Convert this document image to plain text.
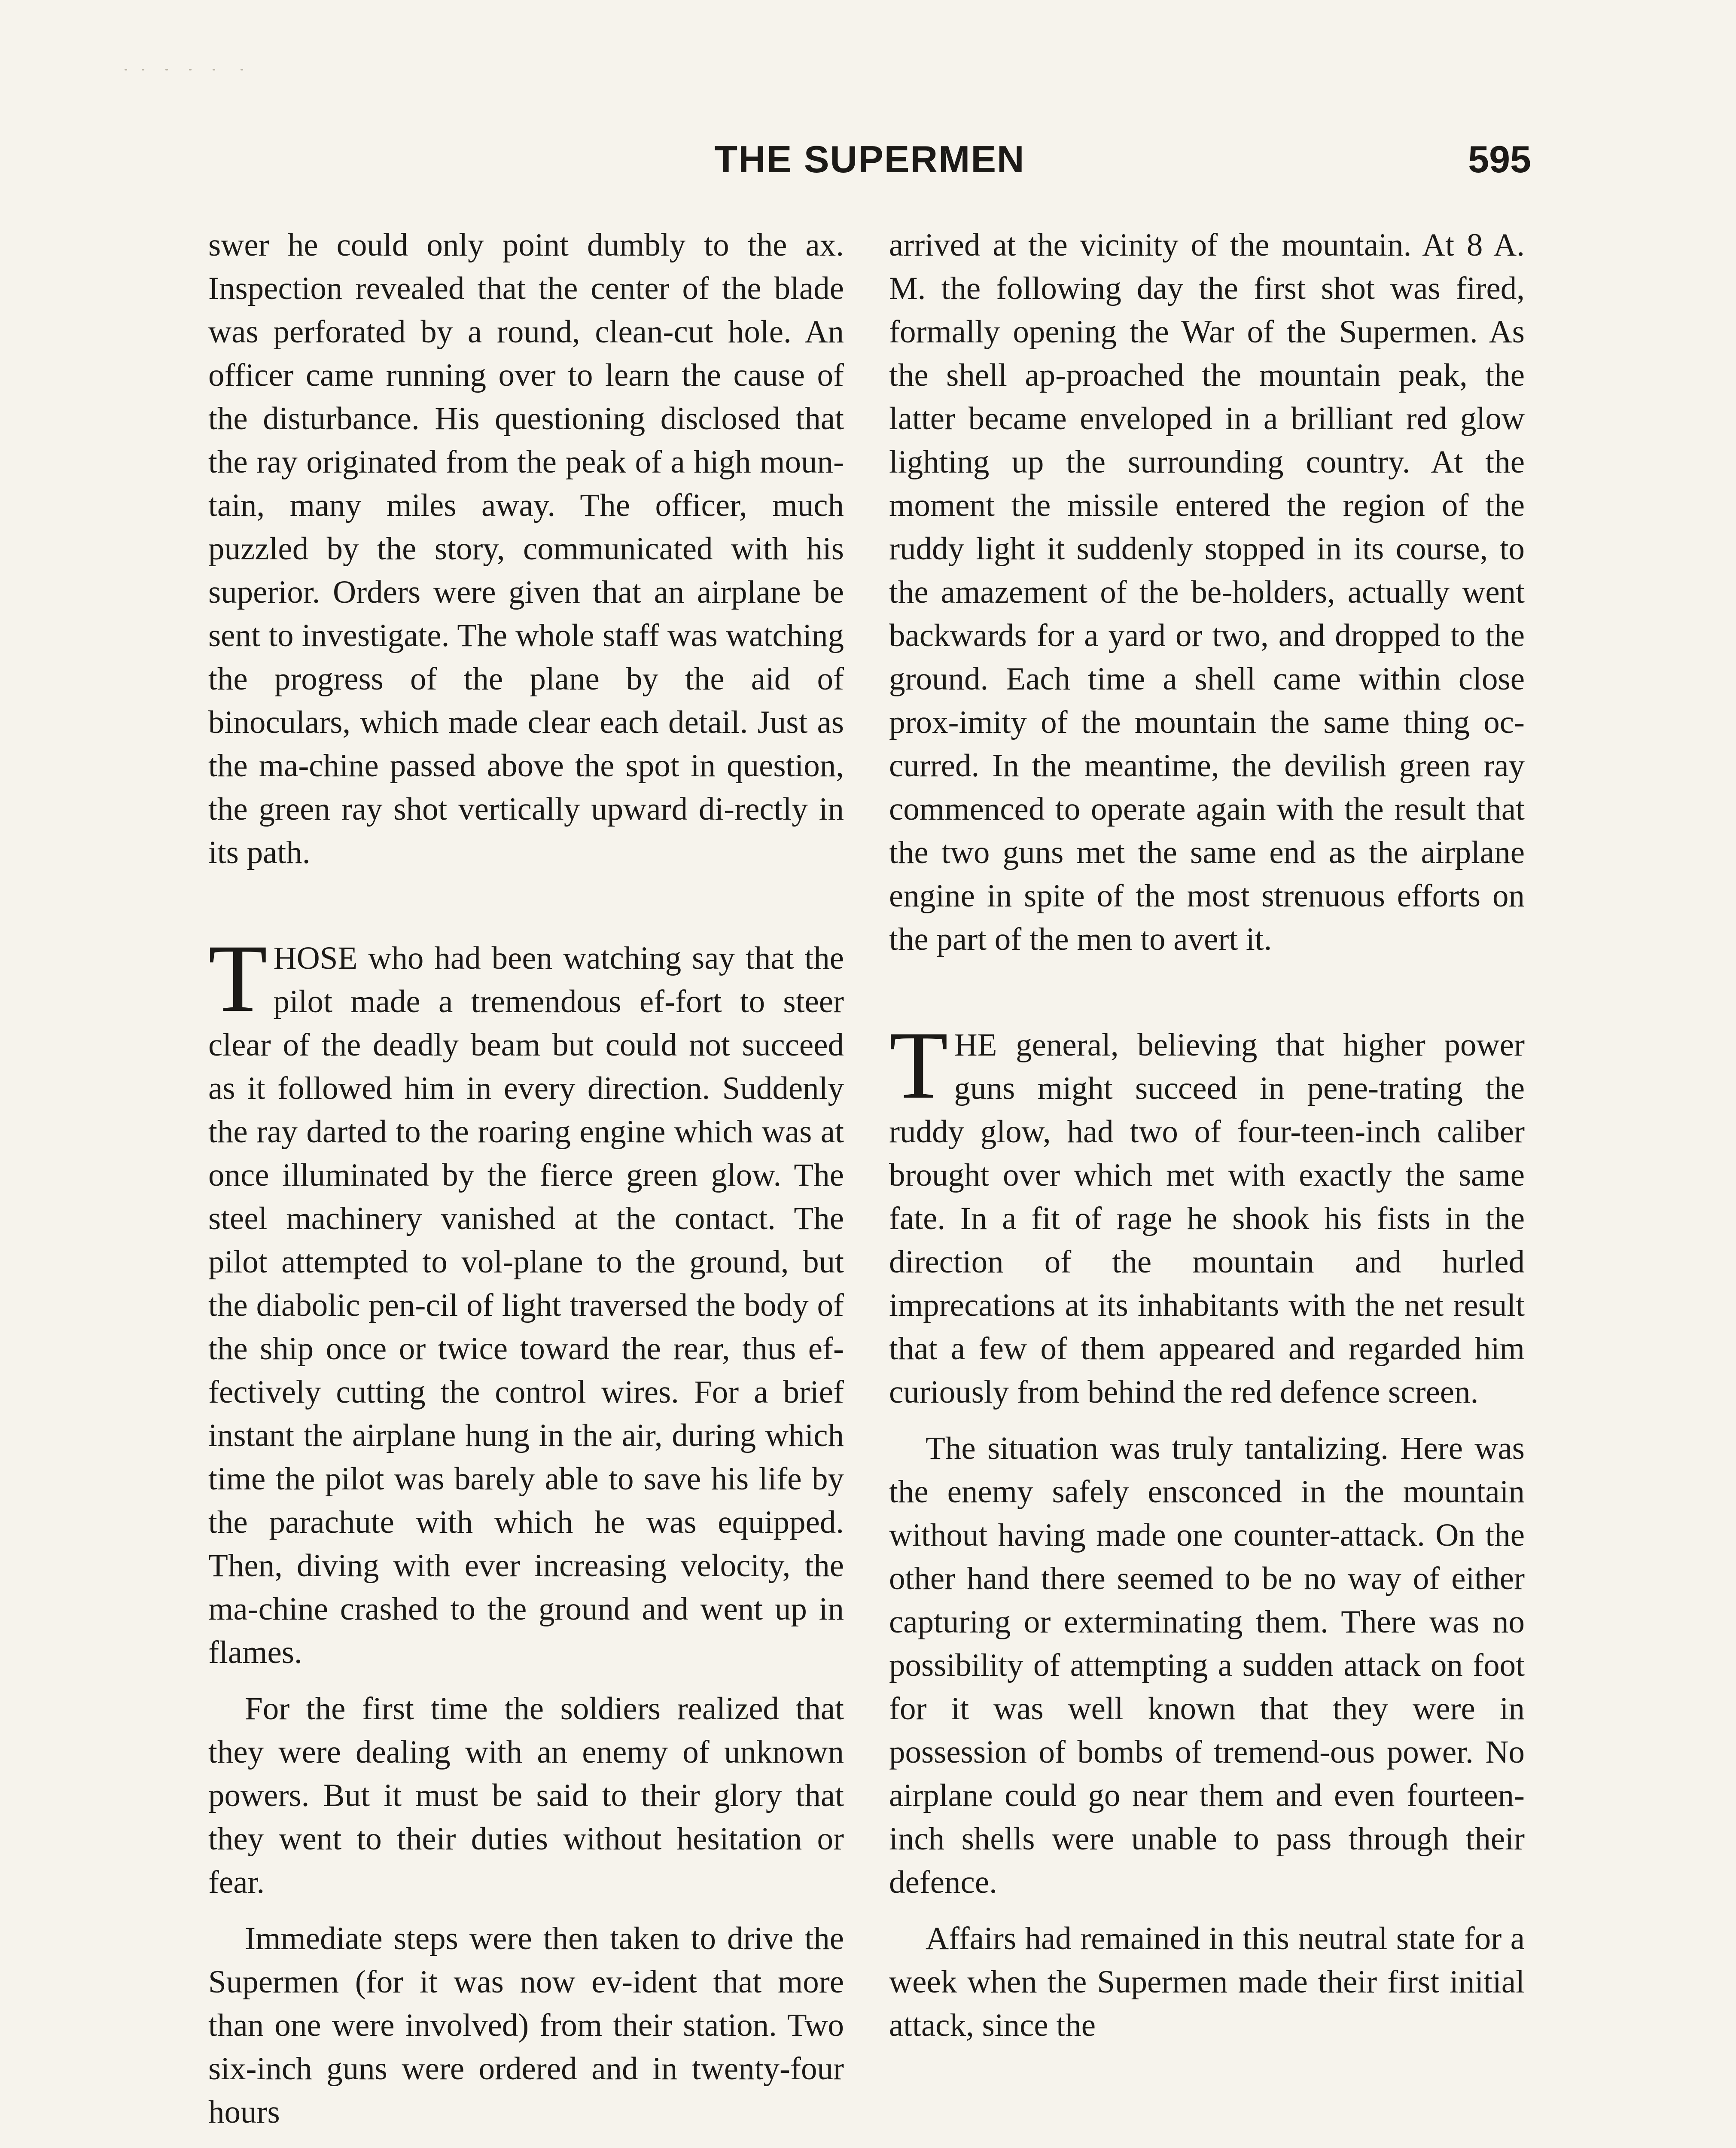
THE SUPERMEN	595

swer he could only point dumbly to the ax. Inspection revealed that the center of the blade was perforated by a round, clean-cut hole. An officer came running over to learn the cause of the disturbance. His questioning disclosed that the ray originated from the peak of a high moun-tain, many miles away. The officer, much puzzled by the story, communicated with his superior. Orders were given that an airplane be sent to investigate. The whole staff was watching the progress of the plane by the aid of binoculars, which made clear each detail. Just as the ma-chine passed above the spot in question, the green ray shot vertically upward di-rectly in its path.

THOSE who had been watching say that the pilot made a tremendous ef-fort to steer clear of the deadly beam but could not succeed as it followed him in every direction. Suddenly the ray darted to the roaring engine which was at once illuminated by the fierce green glow. The steel machinery vanished at the contact. The pilot attempted to vol-plane to the ground, but the diabolic pen-cil of light traversed the body of the ship once or twice toward the rear, thus ef-fectively cutting the control wires. For a brief instant the airplane hung in the air, during which time the pilot was barely able to save his life by the parachute with which he was equipped. Then, diving with ever increasing velocity, the ma-chine crashed to the ground and went up in flames.

For the first time the soldiers realized that they were dealing with an enemy of unknown powers. But it must be said to their glory that they went to their duties without hesitation or fear.

Immediate steps were then taken to drive the Supermen (for it was now ev-ident that more than one were involved) from their station. Two six-inch guns were ordered and in twenty-four hours

arrived at the vicinity of the mountain. At 8 A. M. the following day the first shot was fired, formally opening the War of the Supermen. As the shell ap-proached the mountain peak, the latter became enveloped in a brilliant red glow lighting up the surrounding country. At the moment the missile entered the region of the ruddy light it suddenly stopped in its course, to the amazement of the be-holders, actually went backwards for a yard or two, and dropped to the ground. Each time a shell came within close prox-imity of the mountain the same thing oc-curred. In the meantime, the devilish green ray commenced to operate again with the result that the two guns met the same end as the airplane engine in spite of the most strenuous efforts on the part of the men to avert it.

THE general, believing that higher power guns might succeed in pene-trating the ruddy glow, had two of four-teen-inch caliber brought over which met with exactly the same fate. In a fit of rage he shook his fists in the direction of the mountain and hurled imprecations at its inhabitants with the net result that a few of them appeared and regarded him curiously from behind the red defence screen.

The situation was truly tantalizing. Here was the enemy safely ensconced in the mountain without having made one counter-attack. On the other hand there seemed to be no way of either capturing or exterminating them. There was no possibility of attempting a sudden attack on foot for it was well known that they were in possession of bombs of tremend-ous power. No airplane could go near them and even fourteen-inch shells were unable to pass through their defence.

Affairs had remained in this neutral state for a week when the Supermen made their first initial attack, since the
